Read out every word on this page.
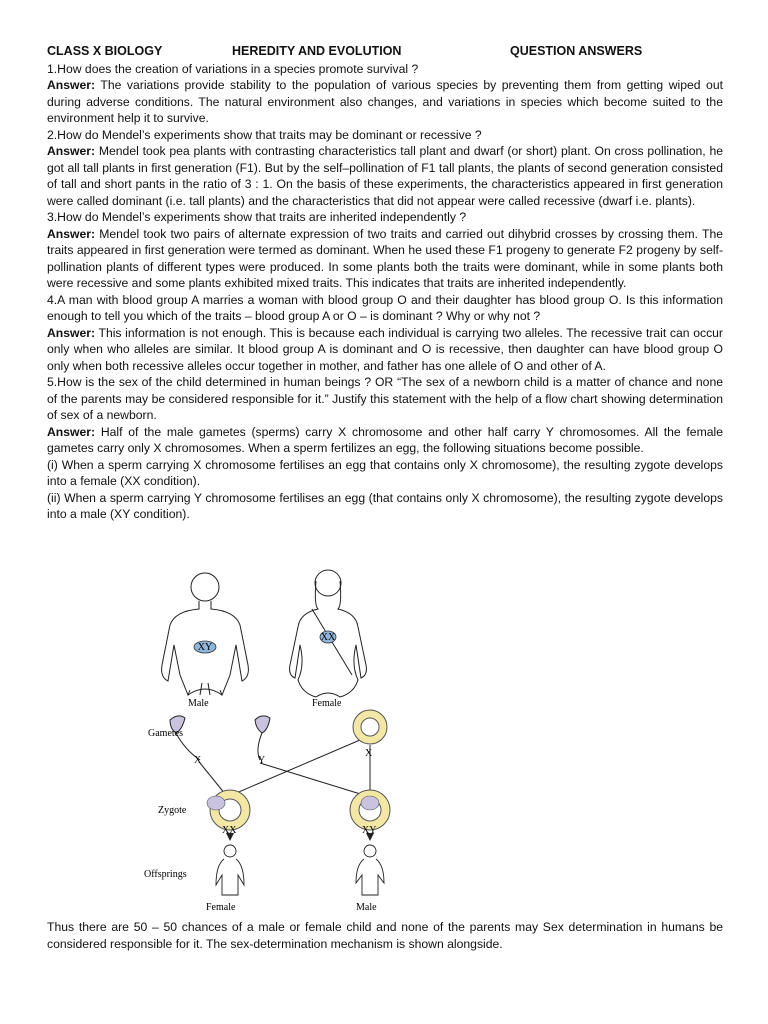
CLASS X BIOLOGY	HEREDITY AND EVOLUTION	QUESTION ANSWERS

1.How does the creation of variations in a species promote survival ?

Answer: The variations provide stability to the population of various species by preventing them from getting wiped out during adverse conditions. The natural environment also changes, and variations in species which become suited to the environment help it to survive.

2.How do Mendel’s experiments show that traits may be dominant or recessive ?

Answer: Mendel took pea plants with contrasting characteristics tall plant and dwarf (or short) plant. On cross pollination, he got all tall plants in first generation (F1). But by the self–pollination of F1 tall plants, the plants of second generation consisted of tall and short pants in the ratio of 3 : 1. On the basis of these experiments, the characteristics appeared in first generation were called dominant (i.e. tall plants) and the characteristics that did not appear were called recessive (dwarf i.e. plants).

3.How do Mendel’s experiments show that traits are inherited independently ?

Answer: Mendel took two pairs of alternate expression of two traits and carried out dihybrid crosses by crossing them. The traits appeared in first generation were termed as dominant. When he used these F1 progeny to generate F2 progeny by self-pollination plants of different types were produced. In some plants both the traits were dominant, while in some plants both were recessive and some plants exhibited mixed traits. This indicates that traits are inherited independently.

4.A man with blood group A marries a woman with blood group O and their daughter has blood group O. Is this information enough to tell you which of the traits – blood group A or O – is dominant ? Why or why not ?

Answer: This information is not enough. This is because each individual is carrying two alleles. The recessive trait can occur only when who alleles are similar. It blood group A is dominant and O is recessive, then daughter can have blood group O only when both recessive alleles occur together in mother, and father has one allele of O and other of A.

5.How is the sex of the child determined in human beings ? OR “The sex of a newborn child is a matter of chance and none of the parents may be considered responsible for it.” Justify this statement with the help of a flow chart showing determination of sex of a newborn.

Answer: Half of the male gametes (sperms) carry X chromosome and other half carry Y chromosomes. All the female gametes carry only X chromosomes. When a sperm fertilizes an egg, the following situations become possible.

(i) When a sperm carrying X chromosome fertilises an egg that contains only X chromosome), the resulting zygote develops into a female (XX condition).

(ii) When a sperm carrying Y chromosome fertilises an egg (that contains only X chromosome), the resulting zygote develops into a male (XY condition).

XY
XX
Male	Female
Gametes
X	Y
X
Zygote
XX	XY
Offsprings
Female	Male

Thus there are 50 – 50 chances of a male or female child and none of the parents may Sex determination in humans be considered responsible for it. The sex-determination mechanism is shown alongside.
